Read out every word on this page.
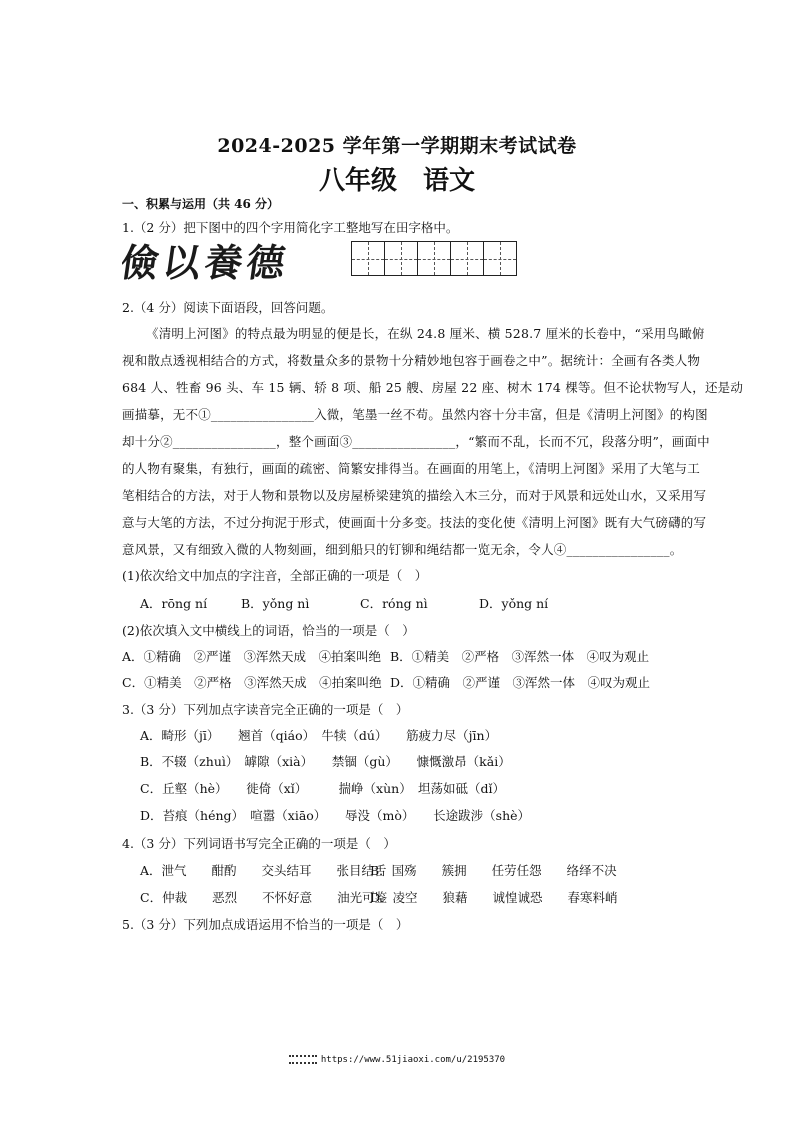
2024-2025 学年第一学期期末考试试卷
八年级　语文
一、积累与运用（共 46 分）
1.（2 分）把下图中的四个字用简化字工整地写在田字格中。
儉以養德
2.（4 分）阅读下面语段，回答问题。
《清明上河图》的特点最为明显的便是长，在纵 24.8 厘米、横 528.7 厘米的长卷中，“采用鸟瞰俯
视和散点透视相结合的方式，将数量众多的景物十分精妙地包容于画卷之中”。据统计：全画有各类人物
684 人、牲畜 96 头、车 15 辆、轿 8 项、船 25 艘、房屋 22 座、树木 174 棵等。但不论状物写人，还是动
画描摹，无不①________________入微，笔墨一丝不苟。虽然内容十分丰富，但是《清明上河图》的构图
却十分②________________，整个画面③________________，“繁而不乱，长而不冗，段落分明”，画面中
的人物有聚集，有独行，画面的疏密、简繁安排得当。在画面的用笔上，《清明上河图》采用了大笔与工
笔相结合的方法，对于人物和景物以及房屋桥梁建筑的描绘入木三分，而对于风景和远处山水，又采用写
意与大笔的方法，不过分拘泥于形式，使画面十分多变。技法的变化使《清明上河图》既有大气磅礴的写
意风景，又有细致入微的人物刻画，细到船只的钉铆和绳结都一览无余，令人④________________。
(1)依次给文中加点的字注音，全部正确的一项是（　）
A．rōng ní	B．yǒng nì	C．róng nì	D．yǒng ní
(2)依次填入文中横线上的词语，恰当的一项是（　）
A．①精确　②严谨　③浑然天成　④拍案叫绝 B．①精美　②严格　③浑然一体　④叹为观止
C．①精美　②严格　③浑然天成　④拍案叫绝 D．①精确　②严谨　③浑然一体　④叹为观止
3.（3 分）下列加点字读音完全正确的一项是（　）
A．畸形（jī）　　翘首（qiáo）　牛犊（dú）　　筋疲力尽（jīn）
B．不辍（zhuì）　罅隙（xià）　　禁锢（gù）　　慷慨激昂（kǎi）
C．丘壑（hè）　　徙倚（xǐ）　　　揣峥（xùn）　坦荡如砥（dǐ）
D．苔痕（héng）　喧嚣（xiāo）　　辱没（mò）　　长途跋涉（shè）
4.（3 分）下列词语书写完全正确的一项是（　）
A．泄气　　酣酌　　交头结耳　　张目结舌
B．国殇　　簇拥　　任劳任怨　　络绎不决
C．仲裁　　恶烈　　不怀好意　　油光可鉴
D．凌空　　狼藉　　诚惶诚恐　　春寒料峭
5.（3 分）下列加点成语运用不恰当的一项是（　）
https://www.51jiaoxi.com/u/2195370
